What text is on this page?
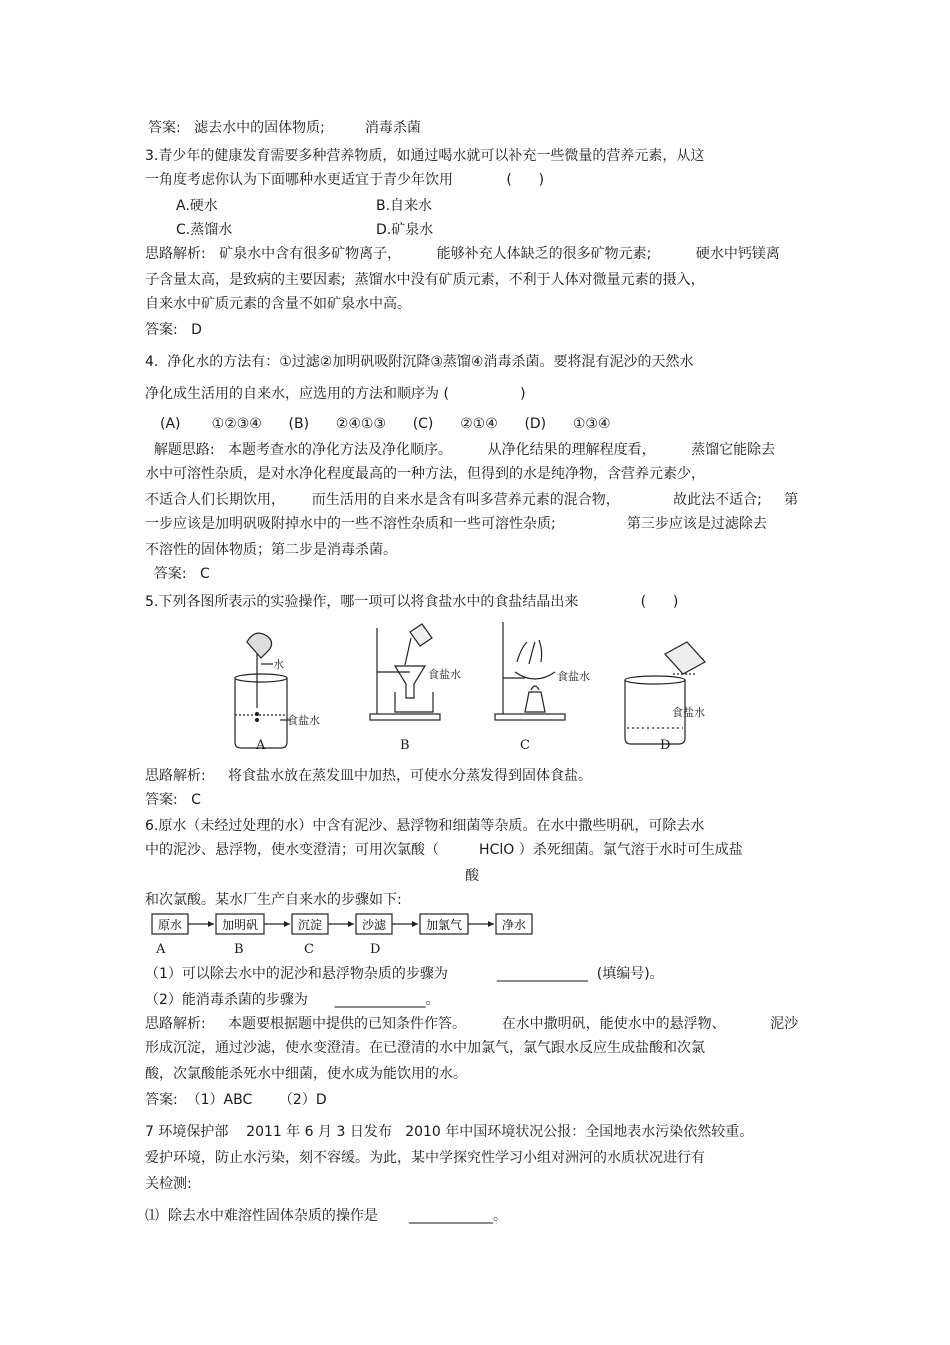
答案:   滤去水中的固体物质;         消毒杀菌
3.青少年的健康发育需要多种营养物质，如通过喝水就可以补充一些微量的营养元素，从这
一角度考虑你认为下面哪种水更适宜于青少年饮用            (      )
A.硬水	B.自来水
C.蒸馏水	D.矿泉水
思路解析:   矿泉水中含有很多矿物离子，        能够补充人体缺乏的很多矿物元素;          硬水中钙镁离
子含量太高，是致病的主要因素;  蒸馏水中没有矿质元素，不利于人体对微量元素的摄入，
自来水中矿质元素的含量不如矿泉水中高。
答案:   D
4.  净化水的方法有：①过滤②加明矾吸附沉降③蒸馏④消毒杀菌。要将混有泥沙的天然水
净化成生活用的自来水，应选用的方法和顺序为 (                )
(A)       ①②③④      (B)      ②④①③      (C)      ②①④      (D)      ①③④
解题思路:   本题考查水的净化方法及净化顺序。        从净化结果的理解程度看，        蒸馏它能除去
水中可溶性杂质，是对水净化程度最高的一种方法，但得到的水是纯净物，含营养元素少，
不适合人们长期饮用，      而生活用的自来水是含有叫多营养元素的混合物，            故此法不适合;     第
一步应该是加明矾吸附掉水中的一些不溶性杂质和一些可溶性杂质;                第三步应该是过滤除去
不溶性的固体物质；第二步是消毒杀菌。
答案:   C
5.下列各图所表示的实验操作，哪一项可以将食盐水中的食盐结晶出来              (      )
水
食盐水
食盐水	食盐水
食盐水
A	B	C	D
思路解析:     将食盐水放在蒸发皿中加热，可使水分蒸发得到固体食盐。
答案:   C
6.原水（未经过处理的水）中含有泥沙、悬浮物和细菌等杂质。在水中撒些明矾，可除去水
中的泥沙、悬浮物，使水变澄清；可用次氯酸（         HClO ）杀死细菌。氯气溶于水时可生成盐
酸
和次氯酸。某水厂生产自来水的步骤如下:
原水	加明矾	沉淀	沙滤	加氯气	净水
A	B	C	D
（1）可以除去水中的泥沙和悬浮物杂质的步骤为           _____________  (填编号)。
（2）能消毒杀菌的步骤为      _____________。
思路解析:     本题要根据题中提供的已知条件作答。        在水中撒明矾，能使水中的悬浮物、          泥沙
形成沉淀，通过沙滤，使水变澄清。在已澄清的水中加氯气，氯气跟水反应生成盐酸和次氯
酸，次氯酸能杀死水中细菌，使水成为能饮用的水。
答案:  （1）ABC      （2）D
7 环境保护部    2011 年 6 月 3 日发布   2010 年中国环境状况公报：全国地表水污染依然较重。
爱护环境，防止水污染，刻不容缓。为此，某中学探究性学习小组对洲河的水质状况进行有
关检测:
⑴  除去水中难溶性固体杂质的操作是       ____________。
